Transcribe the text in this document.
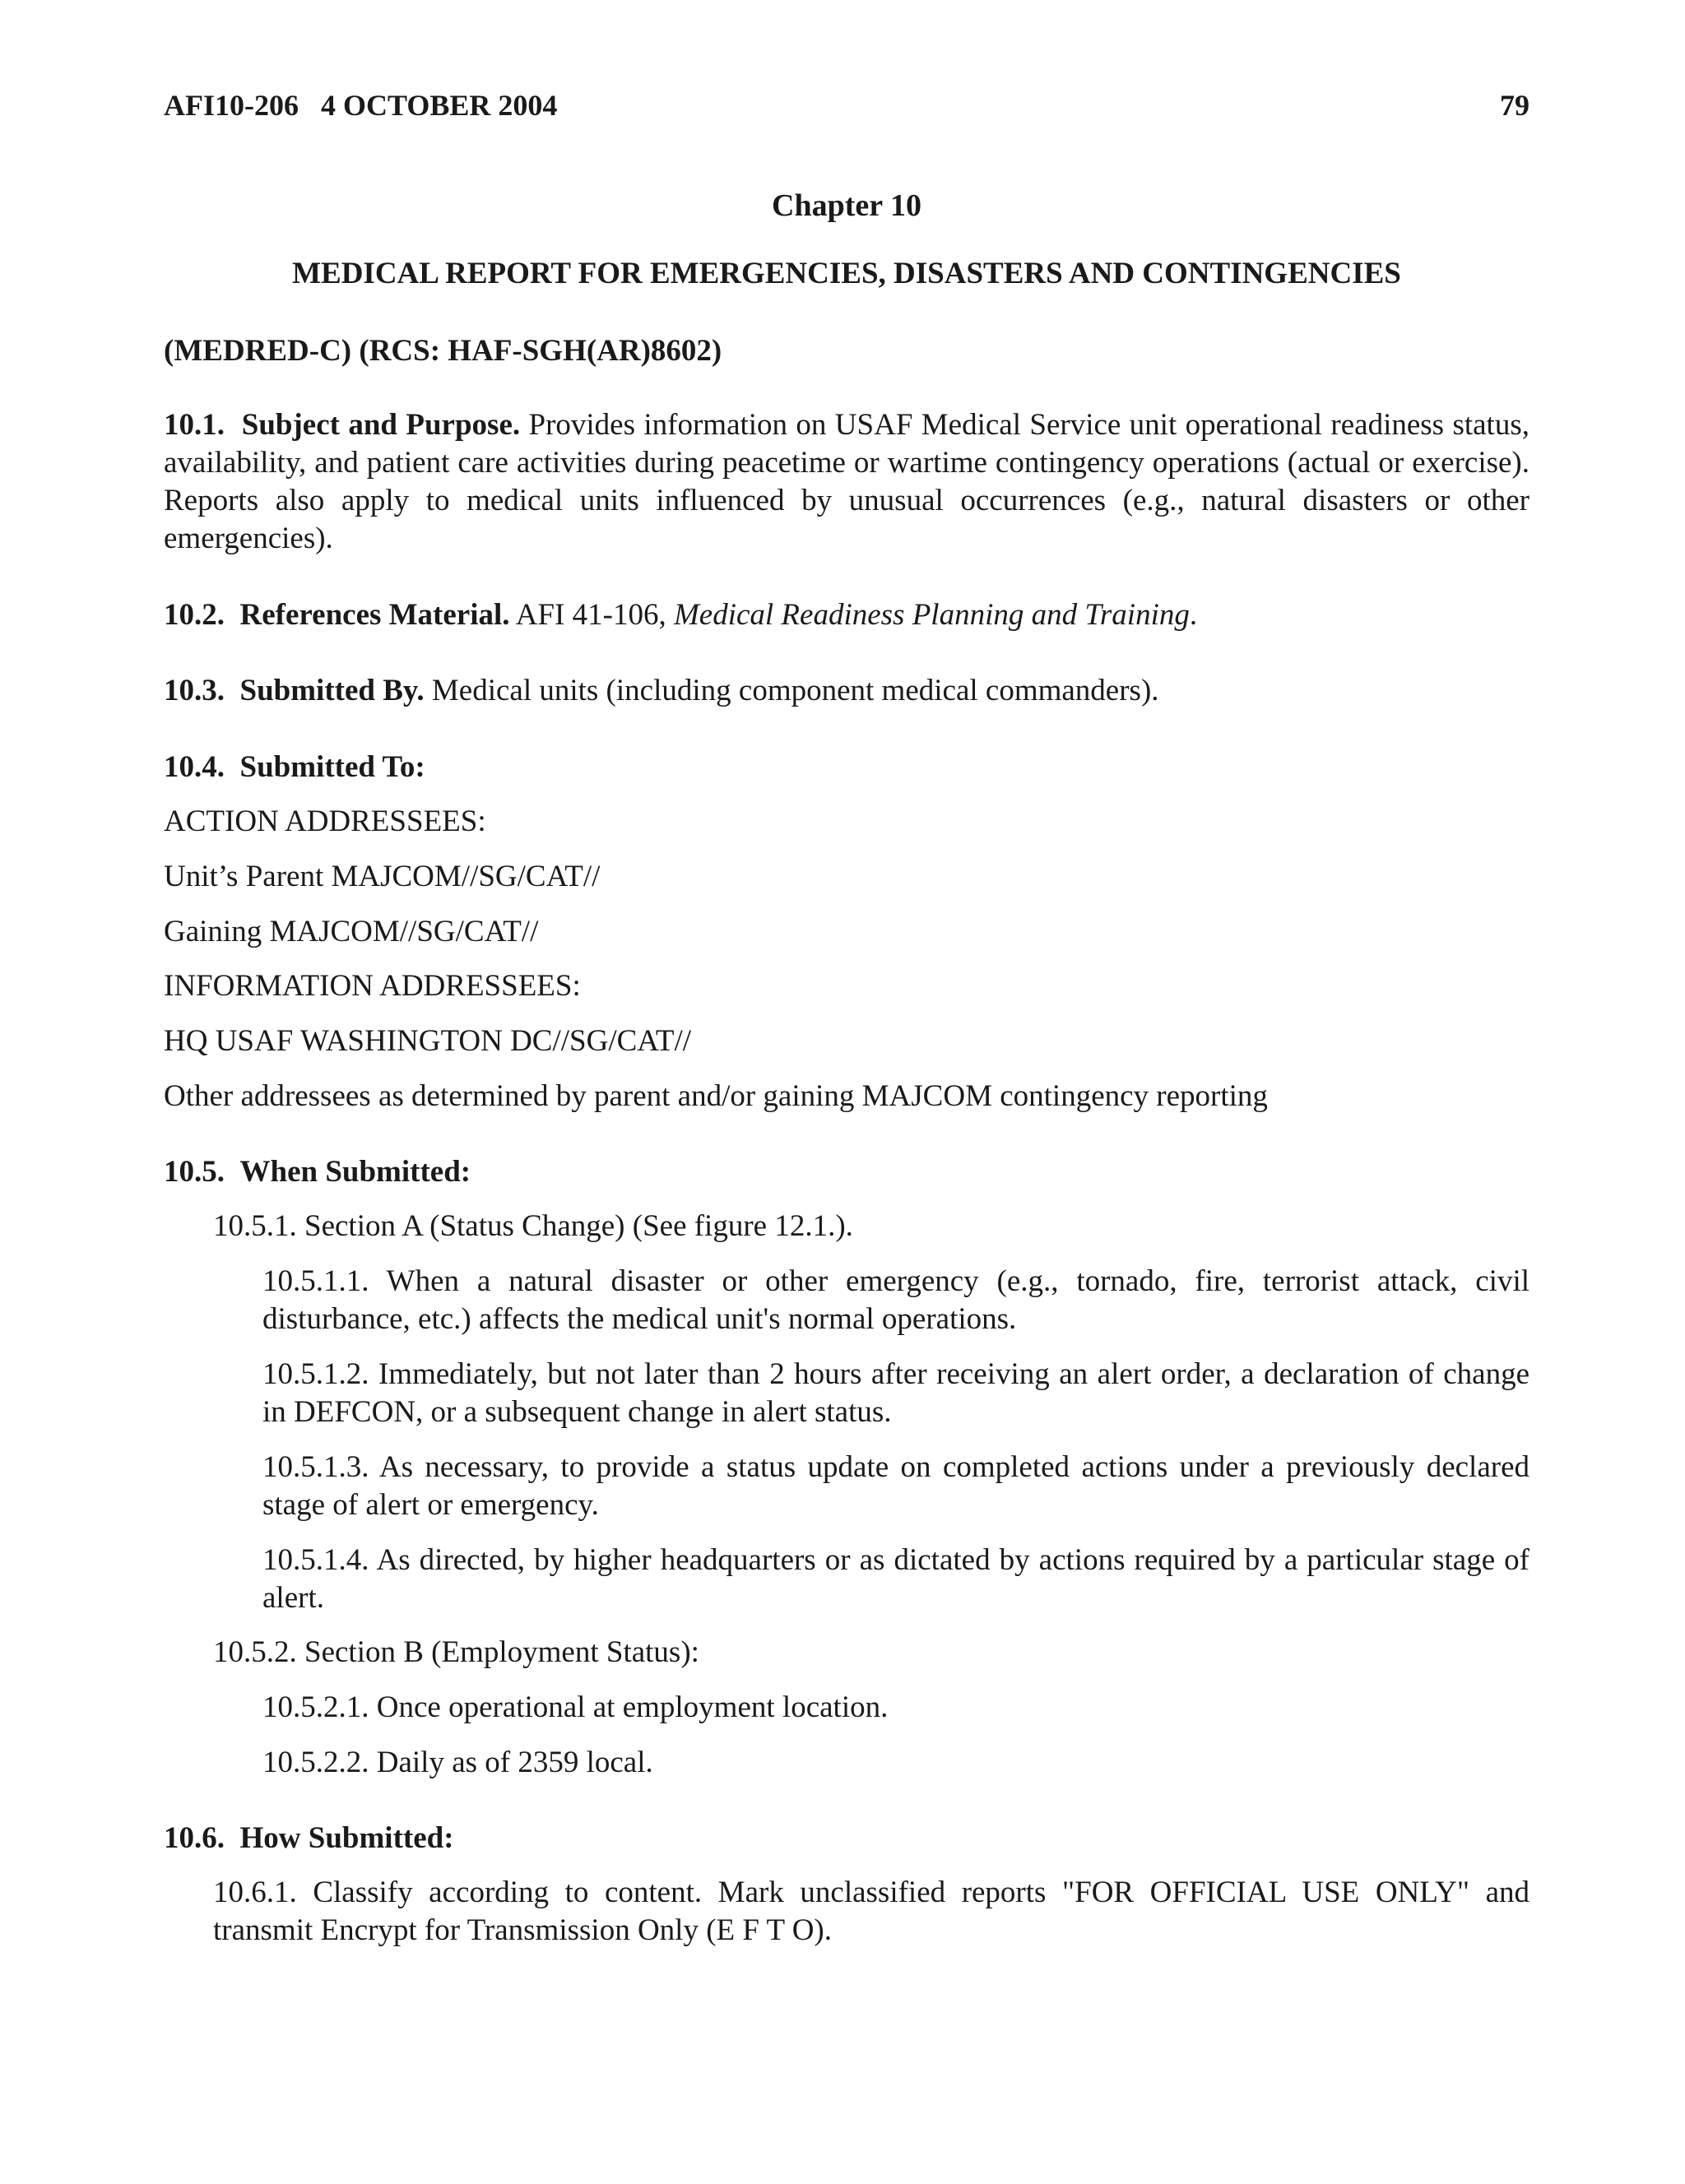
AFI10-206   4 OCTOBER 2004	79
Chapter 10
MEDICAL REPORT FOR EMERGENCIES, DISASTERS AND CONTINGENCIES
(MEDRED-C) (RCS: HAF-SGH(AR)8602)
10.1. Subject and Purpose. Provides information on USAF Medical Service unit operational readiness status, availability, and patient care activities during peacetime or wartime contingency operations (actual or exercise). Reports also apply to medical units influenced by unusual occurrences (e.g., natural disasters or other emergencies).
10.2. References Material. AFI 41-106, Medical Readiness Planning and Training.
10.3. Submitted By. Medical units (including component medical commanders).
10.4. Submitted To:
ACTION ADDRESSEES:
Unit’s Parent MAJCOM//SG/CAT//
Gaining MAJCOM//SG/CAT//
INFORMATION ADDRESSEES:
HQ USAF WASHINGTON DC//SG/CAT//
Other addressees as determined by parent and/or gaining MAJCOM contingency reporting
10.5. When Submitted:
10.5.1. Section A (Status Change) (See figure 12.1.).
10.5.1.1. When a natural disaster or other emergency (e.g., tornado, fire, terrorist attack, civil disturbance, etc.) affects the medical unit's normal operations.
10.5.1.2. Immediately, but not later than 2 hours after receiving an alert order, a declaration of change in DEFCON, or a subsequent change in alert status.
10.5.1.3. As necessary, to provide a status update on completed actions under a previously declared stage of alert or emergency.
10.5.1.4. As directed, by higher headquarters or as dictated by actions required by a particular stage of alert.
10.5.2. Section B (Employment Status):
10.5.2.1. Once operational at employment location.
10.5.2.2. Daily as of 2359 local.
10.6. How Submitted:
10.6.1. Classify according to content. Mark unclassified reports "FOR OFFICIAL USE ONLY" and transmit Encrypt for Transmission Only (E F T O).
